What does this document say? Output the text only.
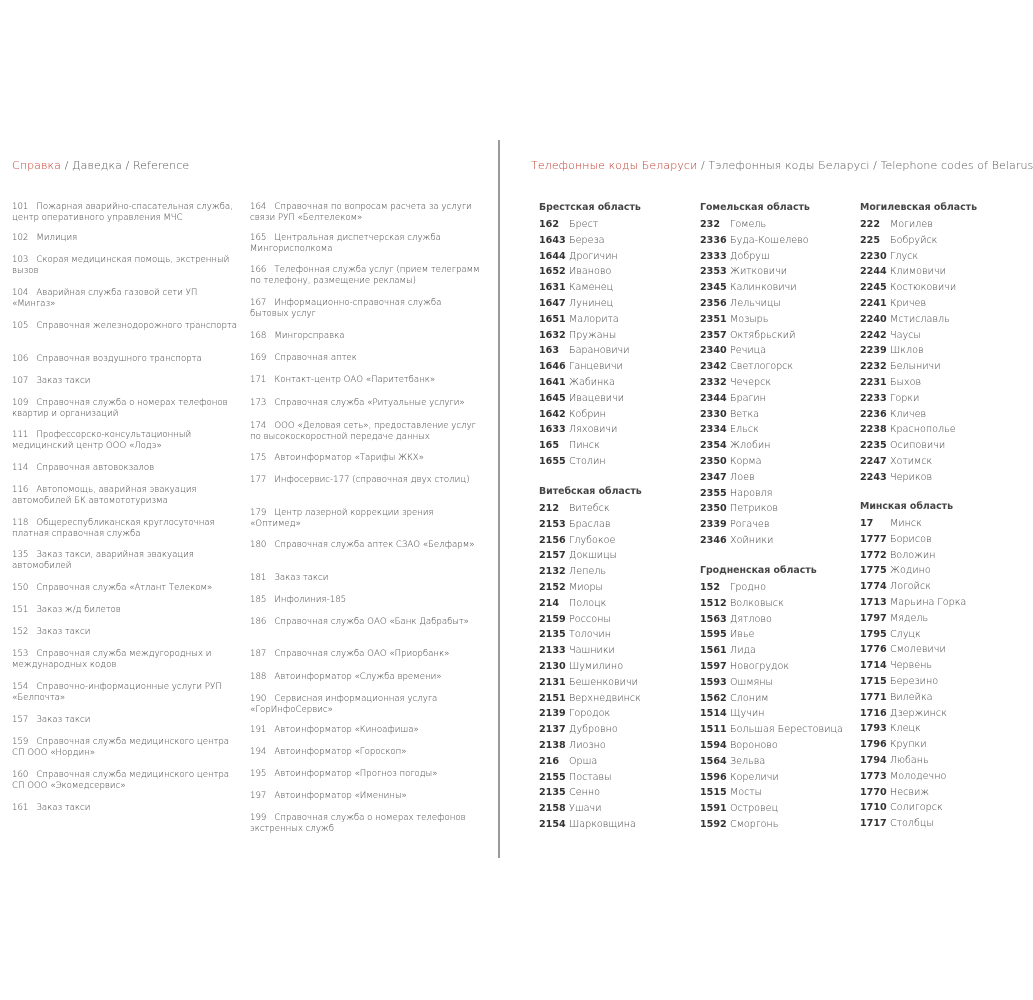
Справка / Даведка / Reference	Телефонные коды Беларуси / Тэлефонныя коды Беларусі / Telephone codes of Belarus
101 Пожарная аварийно-спасательная служба, центр оперативного управления МЧС
102 Милиция
103 Скорая медицинская помощь, экстренный вызов
104 Аварийная служба газовой сети УП «Мингаз»
105 Справочная железнодорожного транспорта
106 Справочная воздушного транспорта
107 Заказ такси
109 Справочная служба о номерах телефонов квартир и организаций
111 Профессорско-консультационный медицинский центр ООО «Лодэ»
114 Справочная автовокзалов
116 Автопомощь, аварийная эвакуация автомобилей БК автомототуризма
118 Общереспубликанская круглосуточная платная справочная служба
135 Заказ такси, аварийная эвакуация автомобилей
150 Справочная служба «Атлант Телеком»
151 Заказ ж/д билетов
152 Заказ такси
153 Справочная служба междугородных и международных кодов
154 Справочно-информационные услуги РУП «Белпочта»
157 Заказ такси
159 Справочная служба медицинского центра СП ООО «Нордин»
160 Справочная служба медицинского центра СП ООО «Экомедсервис»
161 Заказ такси
164 Справочная по вопросам расчета за услуги связи РУП «Белтелеком»
165 Центральная диспетчерская служба Мингорисполкома
166 Телефонная служба услуг (прием телеграмм по телефону, размещение рекламы)
167 Информационно-справочная служба бытовых услуг
168 Мингорсправка
169 Справочная аптек
171 Контакт-центр ОАО «Паритетбанк»
173 Справочная служба «Ритуальные услуги»
174 ООО «Деловая сеть», предоставление услуг по высокоскоростной передаче данных
175 Автоинформатор «Тарифы ЖКХ»
177 Инфосервис-177 (справочная двух столиц)
179 Центр лазерной коррекции зрения «Оптимед»
180 Справочная служба аптек СЗАО «Белфарм»
181 Заказ такси
185 Инфолиния-185
186 Справочная служба ОАО «Банк Дабрабыт»
187 Справочная служба ОАО «Приорбанк»
188 Автоинформатор «Служба времени»
190 Сервисная информационная услуга «ГорИнфоСервис»
191 Автоинформатор «Киноафиша»
194 Автоинформатор «Гороскоп»
195 Автоинформатор «Прогноз погоды»
197 Автоинформатор «Именины»
199 Справочная служба о номерах телефонов экстренных служб
Брестская область
162 Брест
1643 Береза
1644 Дрогичин
1652 Иваново
1631 Каменец
1647 Лунинец
1651 Малорита
1632 Пружаны
163 Барановичи
1646 Ганцевичи
1641 Жабинка
1645 Ивацевичи
1642 Кобрин
1633 Ляховичи
165 Пинск
1655 Столин
Витебская область
212 Витебск
2153 Браслав
2156 Глубокое
2157 Докшицы
2132 Лепель
2152 Миоры
214 Полоцк
2159 Россоны
2135 Толочин
2133 Чашники
2130 Шумилино
2131 Бешенковичи
2151 Верхнедвинск
2139 Городок
2137 Дубровно
2138 Лиозно
216 Орша
2155 Поставы
2135 Сенно
2158 Ушачи
2154 Шарковщина
Гомельская область
232 Гомель
2336 Буда-Кошелево
2333 Добруш
2353 Житковичи
2345 Калинковичи
2356 Лельчицы
2351 Мозырь
2357 Октябрьский
2340 Речица
2342 Светлогорск
2332 Чечерск
2344 Брагин
2330 Ветка
2334 Ельск
2354 Жлобин
2350 Корма
2347 Лоев
2355 Наровля
2350 Петриков
2339 Рогачев
2346 Хойники
Гродненская область
152 Гродно
1512 Волковыск
1563 Дятлово
1595 Ивье
1561 Лида
1597 Новогрудок
1593 Ошмяны
1562 Слоним
1514 Щучин
1511 Большая Берестовица
1594 Вороново
1564 Зельва
1596 Кореличи
1515 Мосты
1591 Островец
1592 Сморгонь
Могилевская область
222 Могилев
225 Бобруйск
2230 Глуск
2244 Климовичи
2245 Костюковичи
2241 Кричев
2240 Мстиславль
2242 Чаусы
2239 Шклов
2232 Белыничи
2231 Быхов
2233 Горки
2236 Кличев
2238 Краснополье
2235 Осиповичи
2247 Хотимск
2243 Чериков
Минская область
17 Минск
1777 Борисов
1772 Воложин
1775 Жодино
1774 Логойск
1713 Марьина Горка
1797 Мядель
1795 Слуцк
1776 Смолевичи
1714 Червень
1715 Березино
1771 Вилейка
1716 Дзержинск
1793 Клецк
1796 Крупки
1794 Любань
1773 Молодечно
1770 Несвиж
1710 Солигорск
1717 Столбцы
